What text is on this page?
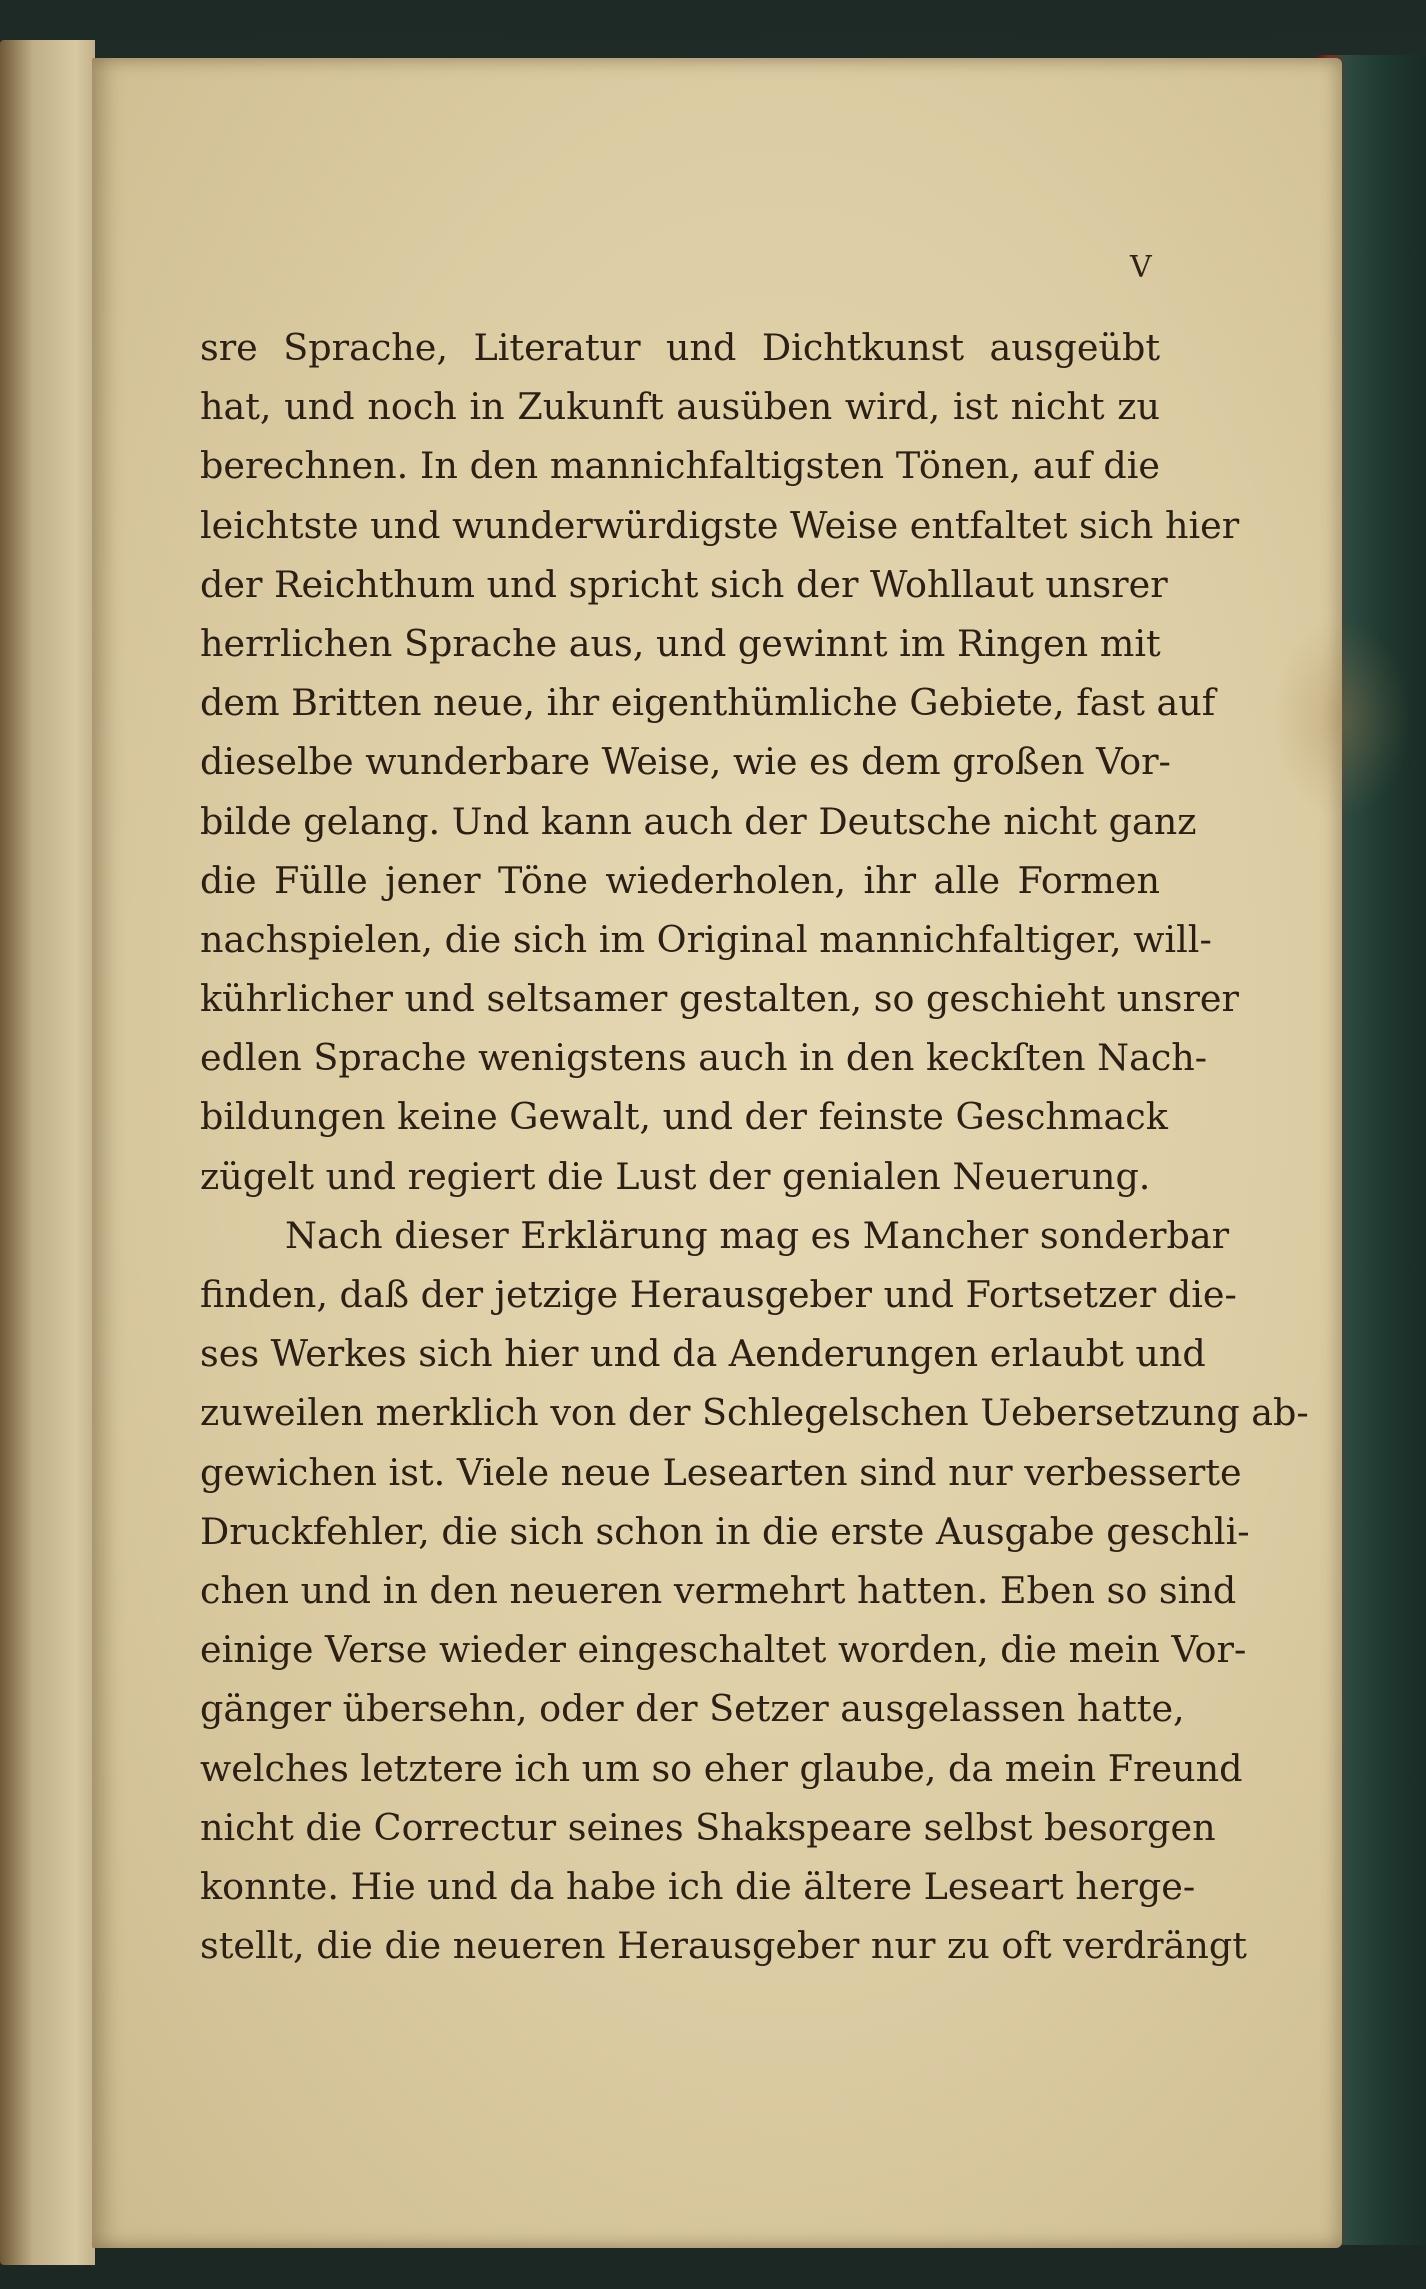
V

sre Sprache, Literatur und Dichtkunst ausgeübt
hat, und noch in Zukunft ausüben wird, ist nicht zu
berechnen. In den mannichfaltigsten Tönen, auf die
leichtste und wunderwürdigste Weise entfaltet sich hier
der Reichthum und spricht sich der Wohllaut unsrer
herrlichen Sprache aus, und gewinnt im Ringen mit
dem Britten neue, ihr eigenthümliche Gebiete, fast auf
dieselbe wunderbare Weise, wie es dem großen Vor-
bilde gelang. Und kann auch der Deutsche nicht ganz
die Fülle jener Töne wiederholen, ihr alle Formen
nachspielen, die sich im Original mannichfaltiger, will-
kührlicher und seltsamer gestalten, so geschieht unsrer
edlen Sprache wenigstens auch in den keckſten Nach-
bildungen keine Gewalt, und der feinste Geschmack
zügelt und regiert die Lust der genialen Neuerung.
Nach dieser Erklärung mag es Mancher sonderbar
finden, daß der jetzige Herausgeber und Fortsetzer die-
ses Werkes sich hier und da Aenderungen erlaubt und
zuweilen merklich von der Schlegelschen Uebersetzung ab-
gewichen ist. Viele neue Lesearten sind nur verbesserte
Druckfehler, die sich schon in die erste Ausgabe geschli-
chen und in den neueren vermehrt hatten. Eben so sind
einige Verse wieder eingeschaltet worden, die mein Vor-
gänger übersehn, oder der Setzer ausgelassen hatte,
welches letztere ich um so eher glaube, da mein Freund
nicht die Correctur seines Shakspeare selbst besorgen
konnte. Hie und da habe ich die ältere Leseart herge-
stellt, die die neueren Herausgeber nur zu oft verdrängt
